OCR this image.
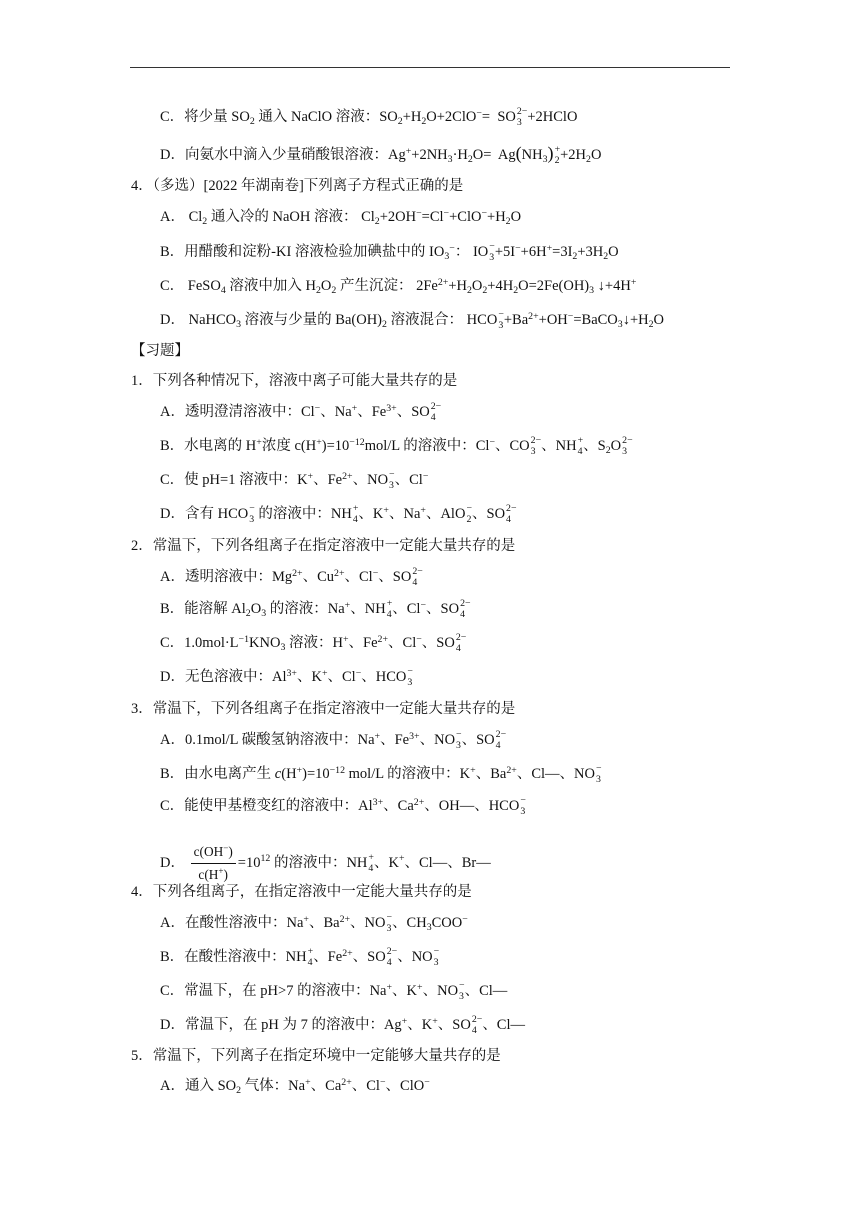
C．将少量 $SO_2$ 通入 NaClO 溶液：$SO_2+H_2O+2ClO^-=$  SO 2−
3 +2HClO
D．向氨水中滴入少量硝酸银溶液：$Ag^++2NH_3\cdot H_2O= Ag(NH_3)$ +
$2 +2H_2O$
4．（多选）[2022 年湖南卷]下列离子方程式正确的是
A． $Cl_2$ 通入冷的 NaOH 溶液： $Cl_2+2OH^-=Cl^-+ClO^-+H_2O$
B．用醋酸和淀粉-KI 溶液检验加碘盐中的 $IO_3^-$： IO −
$3 +5I^-+6H^+=3I_2+3H_2O$
C． FeSO$_4$ 溶液中加入 $H_2O_2$ 产生沉淀： $2Fe^{2+}+H_2O_2+4H_2O=2Fe(OH)_3$ ↓+4H+
D． NaHCO$_3$ 溶液与少量的 $Ba(OH)_2$ 溶液混合： HCO −
$3 +Ba^{2+}+OH^-=BaCO_3↓+H_2O$
【习题】
1．下列各种情况下，溶液中离子可能大量共存的是
A．透明澄清溶液中：Cl−、Na+、$Fe^{3+}$、SO 2−
4
B．水电离的 H+浓度 $c(H^+)=10^{-12}mol/L$ 的溶液中：Cl−、CO 2−
3 、NH +
4 、$S_2O$ 2−
3
C．使 pH=1 溶液中：K+、$Fe^{2+}$、NO −
3 、Cl−
D．含有 HCO −
3 的溶液中：NH +
4 、K+、Na+、AlO −
2 、SO 2−
4
2．常温下，下列各组离子在指定溶液中一定能大量共存的是
A．透明溶液中：$Mg^{2+}$、$Cu^{2+}$、Cl−、SO 2−
4
B．能溶解 $Al_2O_3$ 的溶液：Na+、NH +
4 、Cl−、SO 2−
4
C．$1.0mol\cdot L^{-1}KNO_3$ 溶液：H+、$Fe^{2+}$、Cl−、SO 2−
4
D．无色溶液中：$Al^{3+}$、K+、Cl−、HCO −
3
3．常温下，下列各组离子在指定溶液中一定能大量共存的是
A．0.1mol/L 碳酸氢钠溶液中：Na+、$Fe^{3+}$、NO −
3 、SO 2−
4
B．由水电离产生 $c(H^+)=10^{-12}$ mol/L 的溶液中：K+、$Ba^{2+}$、Cl—、NO −
3
C．能使甲基橙变红的溶液中：$Al^{3+}$、$Ca^{2+}$、OH—、HCO −
3
D． $\frac{c(OH^-)}{c(H^+)} =10^{12}$ 的溶液中：NH +
4 、K+、Cl—、Br—
4．下列各组离子，在指定溶液中一定能大量共存的是
A．在酸性溶液中：Na+、$Ba^{2+}$、NO −
3 、$CH_3COO^-$
B．在酸性溶液中：NH +
4 、$Fe^{2+}$、SO 2−
4 、NO −
3
C．常温下，在 pH>7 的溶液中：Na+、K+、NO −
3 、Cl—
D．常温下，在 pH 为 7 的溶液中：Ag+、K+、SO 2−
4 、Cl—
5．常温下，下列离子在指定环境中一定能够大量共存的是
A．通入 $SO_2$ 气体：Na+、$Ca^{2+}$、Cl−、ClO−
